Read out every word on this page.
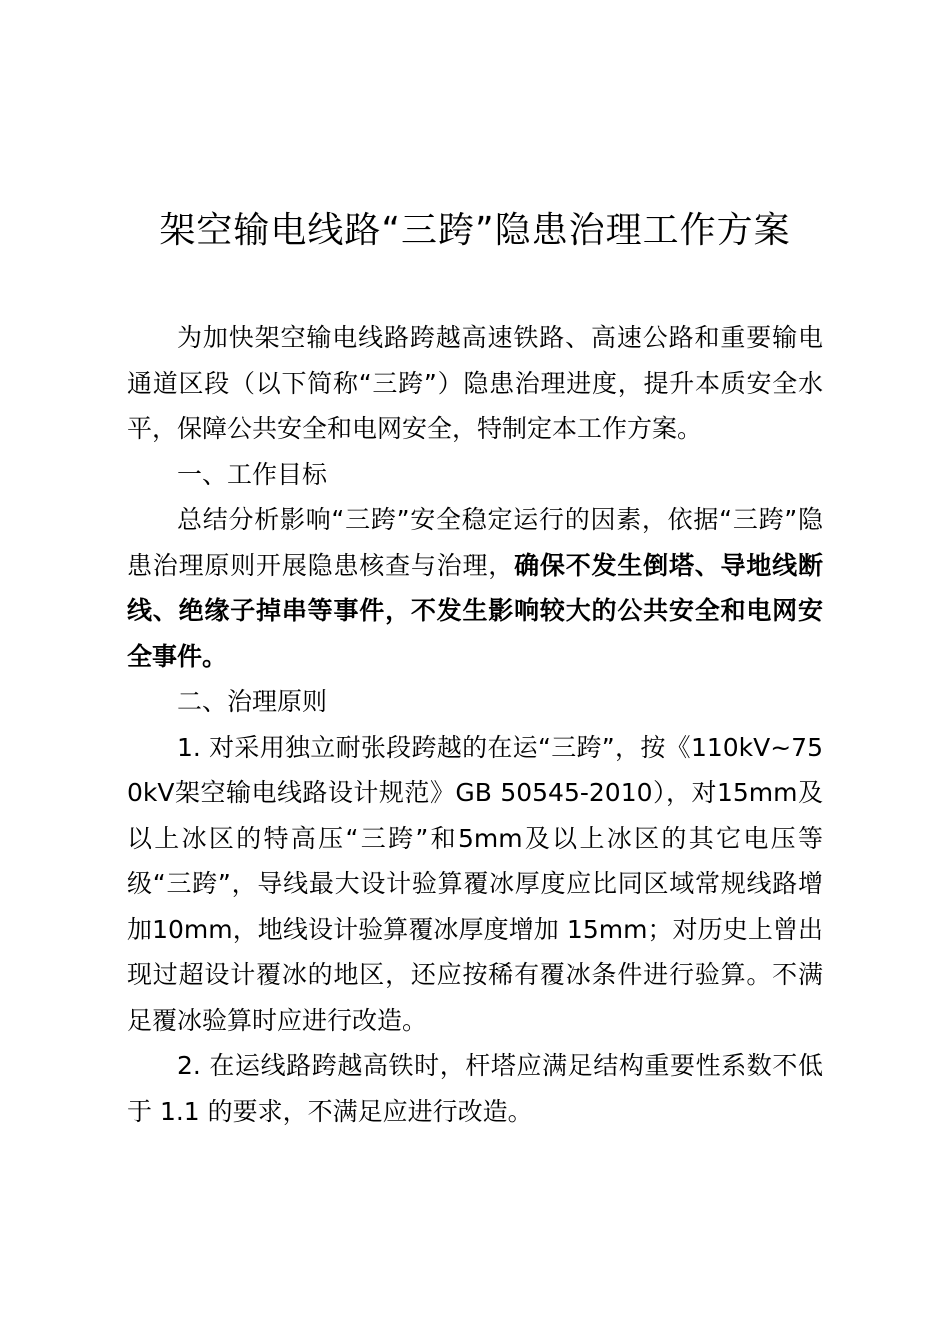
架空输电线路“三跨”隐患治理工作方案

为加快架空输电线路跨越高速铁路、高速公路和重要输电通道区段（以下简称“三跨”）隐患治理进度，提升本质安全水平，保障公共安全和电网安全，特制定本工作方案。

一、工作目标

总结分析影响“三跨”安全稳定运行的因素，依据“三跨”隐患治理原则开展隐患核查与治理，确保不发生倒塔、导地线断线、绝缘子掉串等事件，不发生影响较大的公共安全和电网安全事件。

二、治理原则

1. 对采用独立耐张段跨越的在运“三跨”，按《110kV~750kV架空输电线路设计规范》GB 50545-2010），对15mm及以上冰区的特高压“三跨”和5mm及以上冰区的其它电压等级“三跨”，导线最大设计验算覆冰厚度应比同区域常规线路增加10mm，地线设计验算覆冰厚度增加 15mm；对历史上曾出现过超设计覆冰的地区，还应按稀有覆冰条件进行验算。不满足覆冰验算时应进行改造。

2. 在运线路跨越高铁时，杆塔应满足结构重要性系数不低于 1.1 的要求，不满足应进行改造。
